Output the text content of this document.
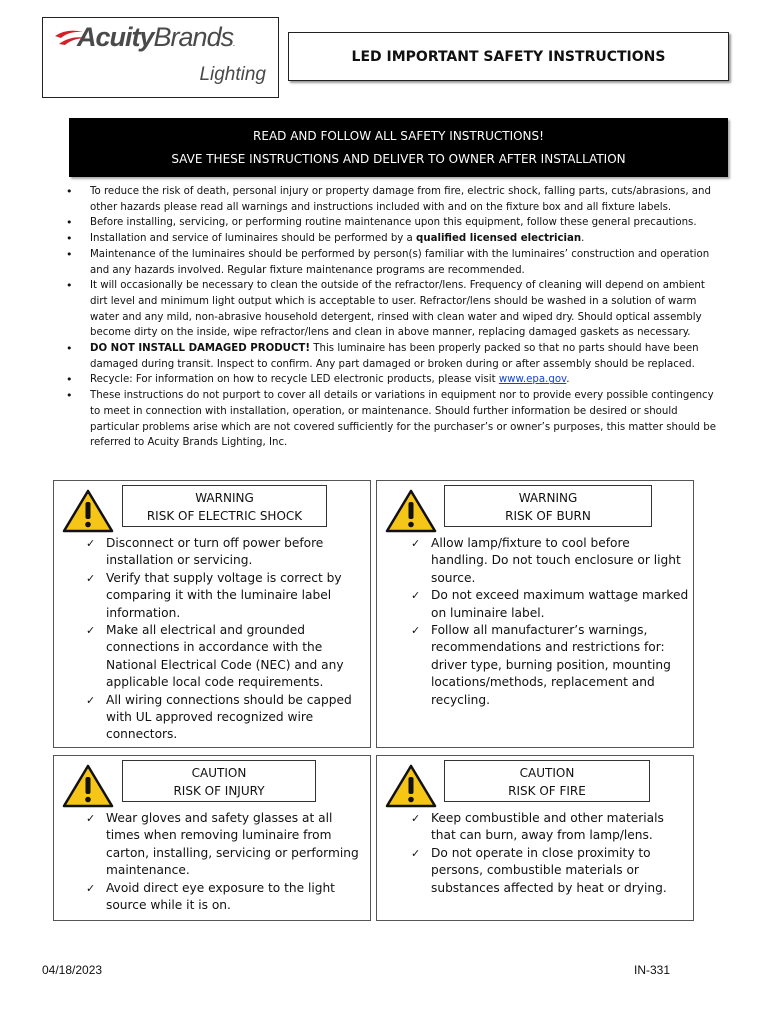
AcuityBrands.
Lighting
LED IMPORTANT SAFETY INSTRUCTIONS
READ AND FOLLOW ALL SAFETY INSTRUCTIONS!
SAVE THESE INSTRUCTIONS AND DELIVER TO OWNER AFTER INSTALLATION
• To reduce the risk of death, personal injury or property damage from fire, electric shock, falling parts, cuts/abrasions, and other hazards please read all warnings and instructions included with and on the fixture box and all fixture labels.
• Before installing, servicing, or performing routine maintenance upon this equipment, follow these general precautions.
• Installation and service of luminaires should be performed by a qualified licensed electrician.
• Maintenance of the luminaires should be performed by person(s) familiar with the luminaires’ construction and operation and any hazards involved. Regular fixture maintenance programs are recommended.
• It will occasionally be necessary to clean the outside of the refractor/lens. Frequency of cleaning will depend on ambient dirt level and minimum light output which is acceptable to user. Refractor/lens should be washed in a solution of warm water and any mild, non-abrasive household detergent, rinsed with clean water and wiped dry. Should optical assembly become dirty on the inside, wipe refractor/lens and clean in above manner, replacing damaged gaskets as necessary.
• DO NOT INSTALL DAMAGED PRODUCT! This luminaire has been properly packed so that no parts should have been damaged during transit. Inspect to confirm. Any part damaged or broken during or after assembly should be replaced.
• Recycle: For information on how to recycle LED electronic products, please visit www.epa.gov.
• These instructions do not purport to cover all details or variations in equipment nor to provide every possible contingency to meet in connection with installation, operation, or maintenance. Should further information be desired or should particular problems arise which are not covered sufficiently for the purchaser’s or owner’s purposes, this matter should be referred to Acuity Brands Lighting, Inc.
WARNING
RISK OF ELECTRIC SHOCK
✓ Disconnect or turn off power before installation or servicing.
✓ Verify that supply voltage is correct by comparing it with the luminaire label information.
✓ Make all electrical and grounded connections in accordance with the National Electrical Code (NEC) and any applicable local code requirements.
✓ All wiring connections should be capped with UL approved recognized wire connectors.
WARNING
RISK OF BURN
✓ Allow lamp/fixture to cool before handling. Do not touch enclosure or light source.
✓ Do not exceed maximum wattage marked on luminaire label.
✓ Follow all manufacturer’s warnings, recommendations and restrictions for: driver type, burning position, mounting locations/methods, replacement and recycling.
CAUTION
RISK OF INJURY
✓ Wear gloves and safety glasses at all times when removing luminaire from carton, installing, servicing or performing maintenance.
✓ Avoid direct eye exposure to the light source while it is on.
CAUTION
RISK OF FIRE
✓ Keep combustible and other materials that can burn, away from lamp/lens.
✓ Do not operate in close proximity to persons, combustible materials or substances affected by heat or drying.
04/18/2023	IN-331
